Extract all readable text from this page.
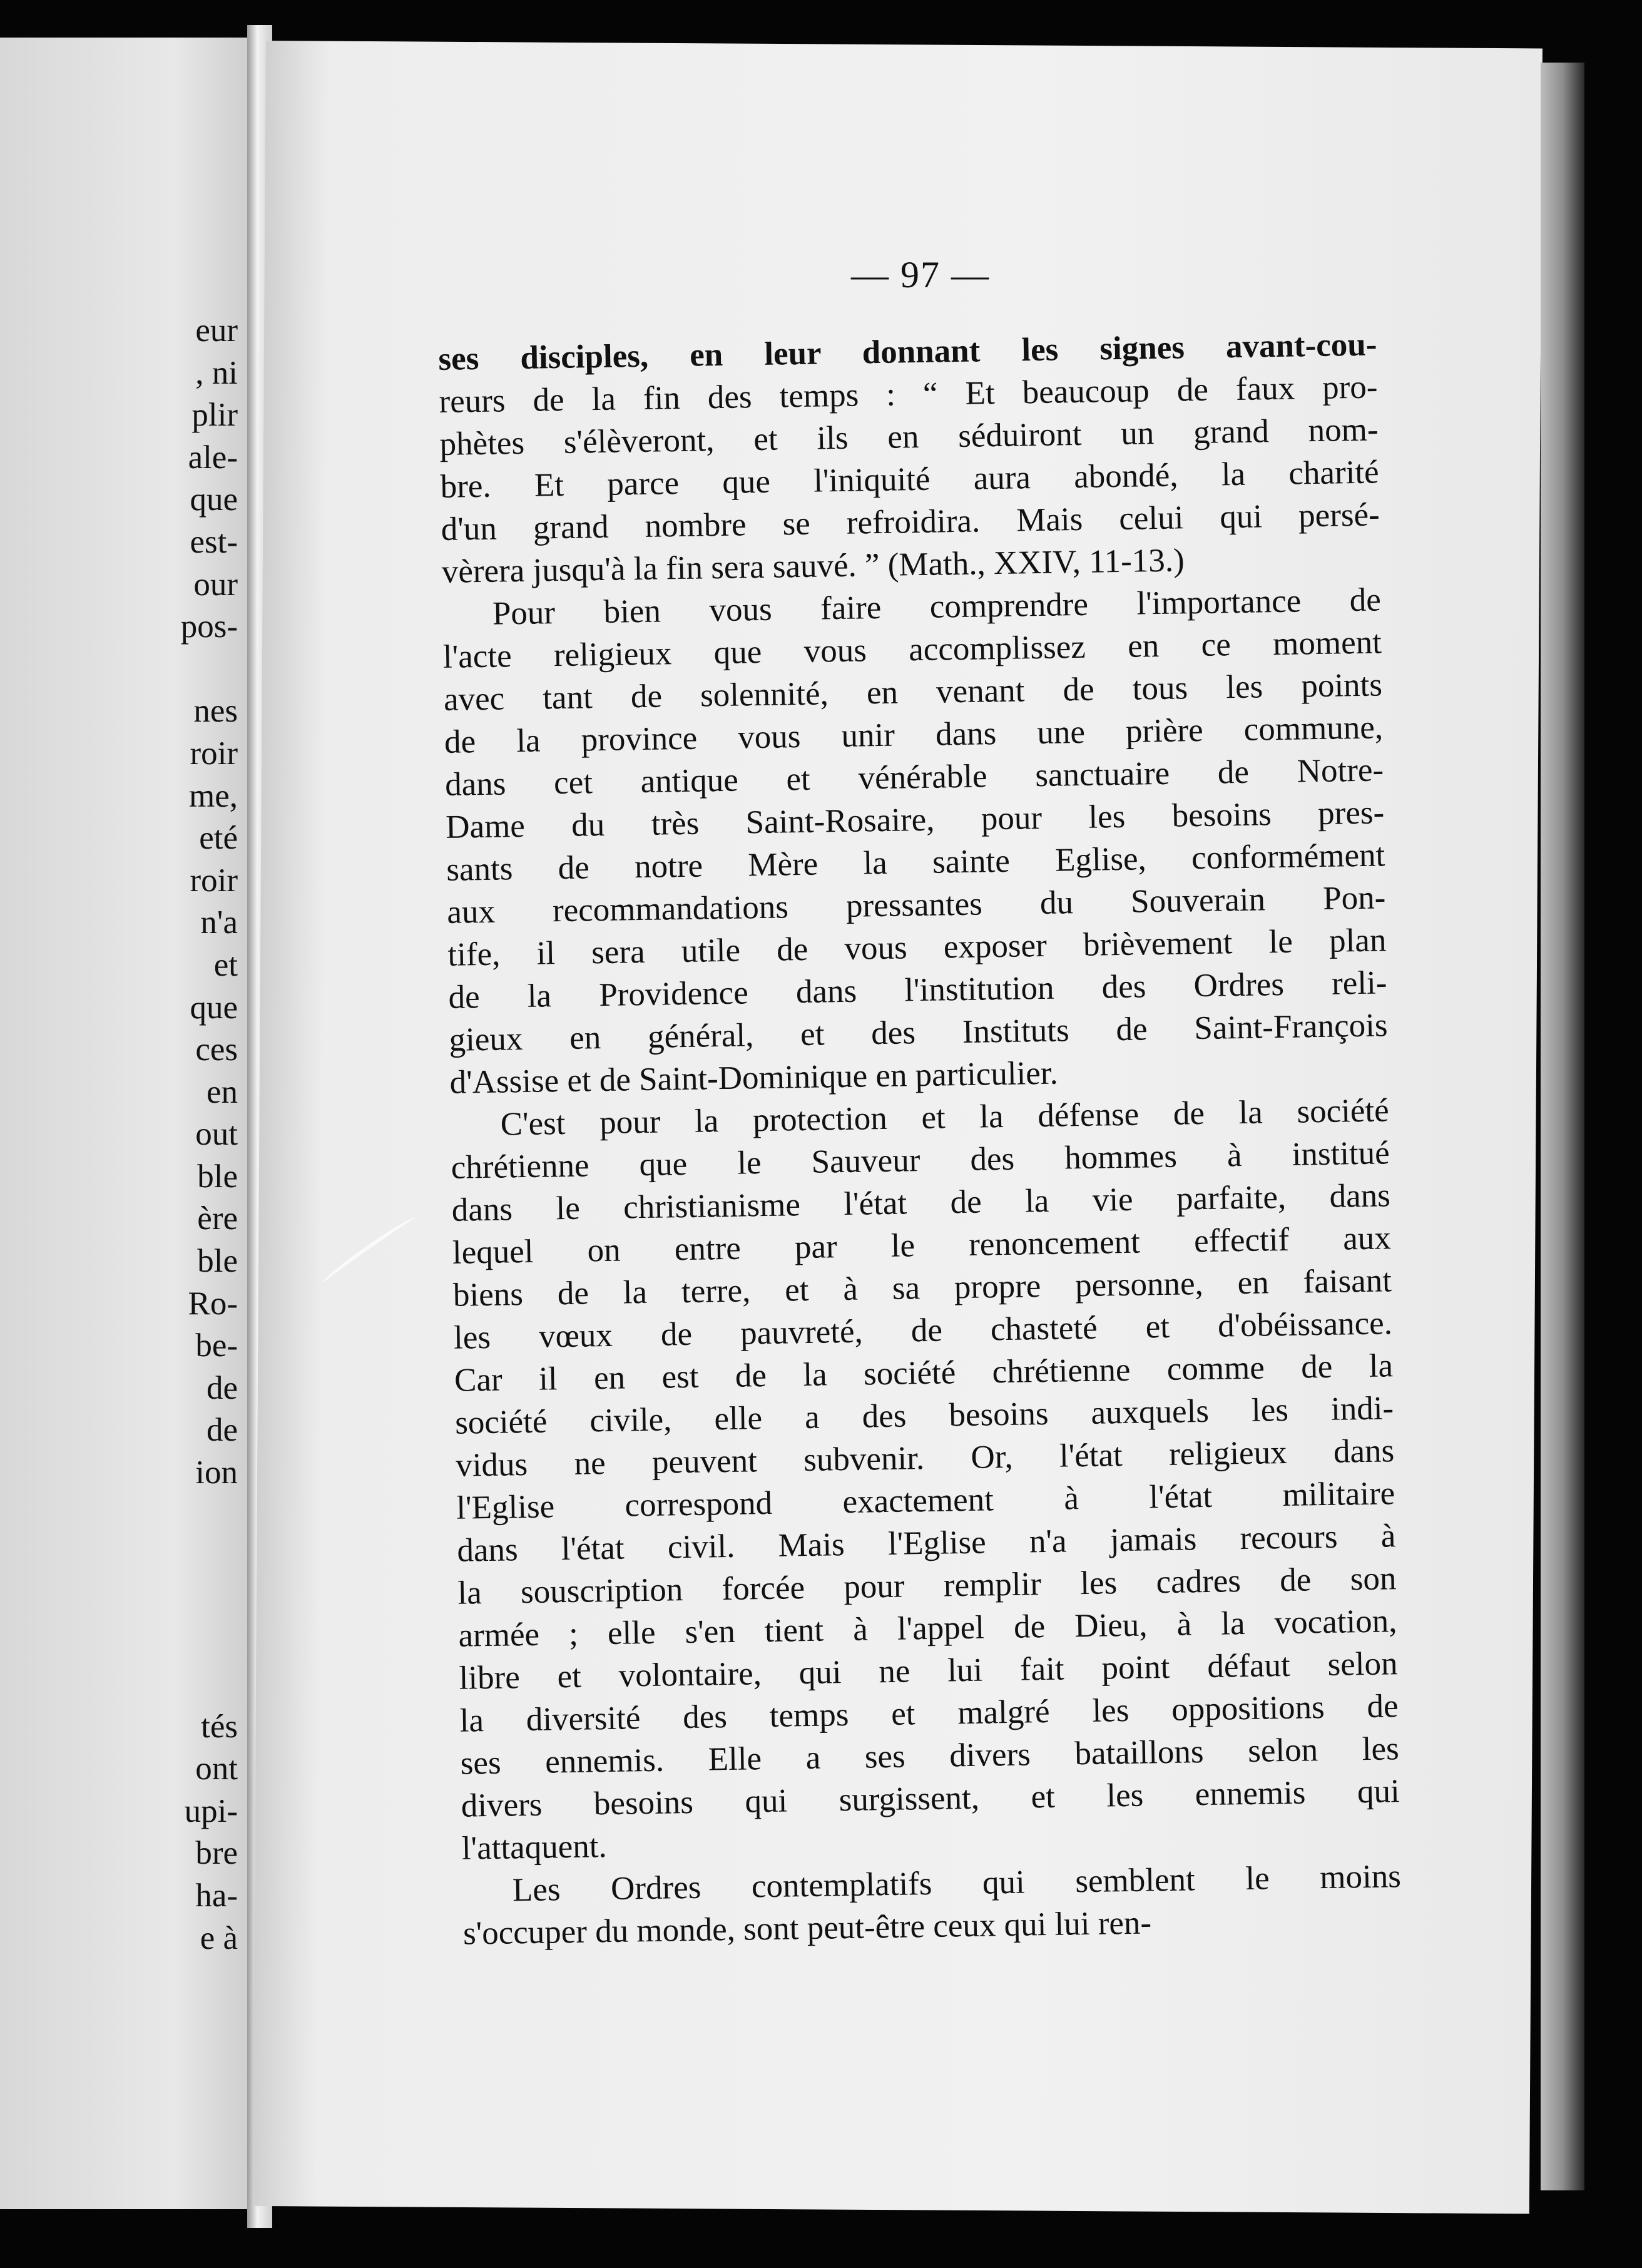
eur
, ni
plir
ale-
que
est-
our
pos-
nes
roir
me,
eté
roir
n'a
et
que
ces
en
out
ble
ère
ble
Ro-
be-
de
de
ion
tés
ont
upi-
bre
ha-
e à
— 97 —
ses disciples, en leur donnant les signes avant-cou-
reurs de la fin des temps : “ Et beaucoup de faux pro-
phètes s'élèveront, et ils en séduiront un grand nom-
bre. Et parce que l'iniquité aura abondé, la charité
d'un grand nombre se refroidira. Mais celui qui persé-
vèrera jusqu'à la fin sera sauvé. ” (Math., XXIV, 11-13.)
Pour bien vous faire comprendre l'importance de
l'acte religieux que vous accomplissez en ce moment
avec tant de solennité, en venant de tous les points
de la province vous unir dans une prière commune,
dans cet antique et vénérable sanctuaire de Notre-
Dame du très Saint-Rosaire, pour les besoins pres-
sants de notre Mère la sainte Eglise, conformément
aux recommandations pressantes du Souverain Pon-
tife, il sera utile de vous exposer brièvement le plan
de la Providence dans l'institution des Ordres reli-
gieux en général, et des Instituts de Saint-François
d'Assise et de Saint-Dominique en particulier.
C'est pour la protection et la défense de la société
chrétienne que le Sauveur des hommes à institué
dans le christianisme l'état de la vie parfaite, dans
lequel on entre par le renoncement effectif aux
biens de la terre, et à sa propre personne, en faisant
les vœux de pauvreté, de chasteté et d'obéissance.
Car il en est de la société chrétienne comme de la
société civile, elle a des besoins auxquels les indi-
vidus ne peuvent subvenir. Or, l'état religieux dans
l'Eglise correspond exactement à l'état militaire
dans l'état civil. Mais l'Eglise n'a jamais recours à
la souscription forcée pour remplir les cadres de son
armée ; elle s'en tient à l'appel de Dieu, à la vocation,
libre et volontaire, qui ne lui fait point défaut selon
la diversité des temps et malgré les oppositions de
ses ennemis. Elle a ses divers bataillons selon les
divers besoins qui surgissent, et les ennemis qui
l'attaquent.
Les Ordres contemplatifs qui semblent le moins
s'occuper du monde, sont peut-être ceux qui lui ren-
